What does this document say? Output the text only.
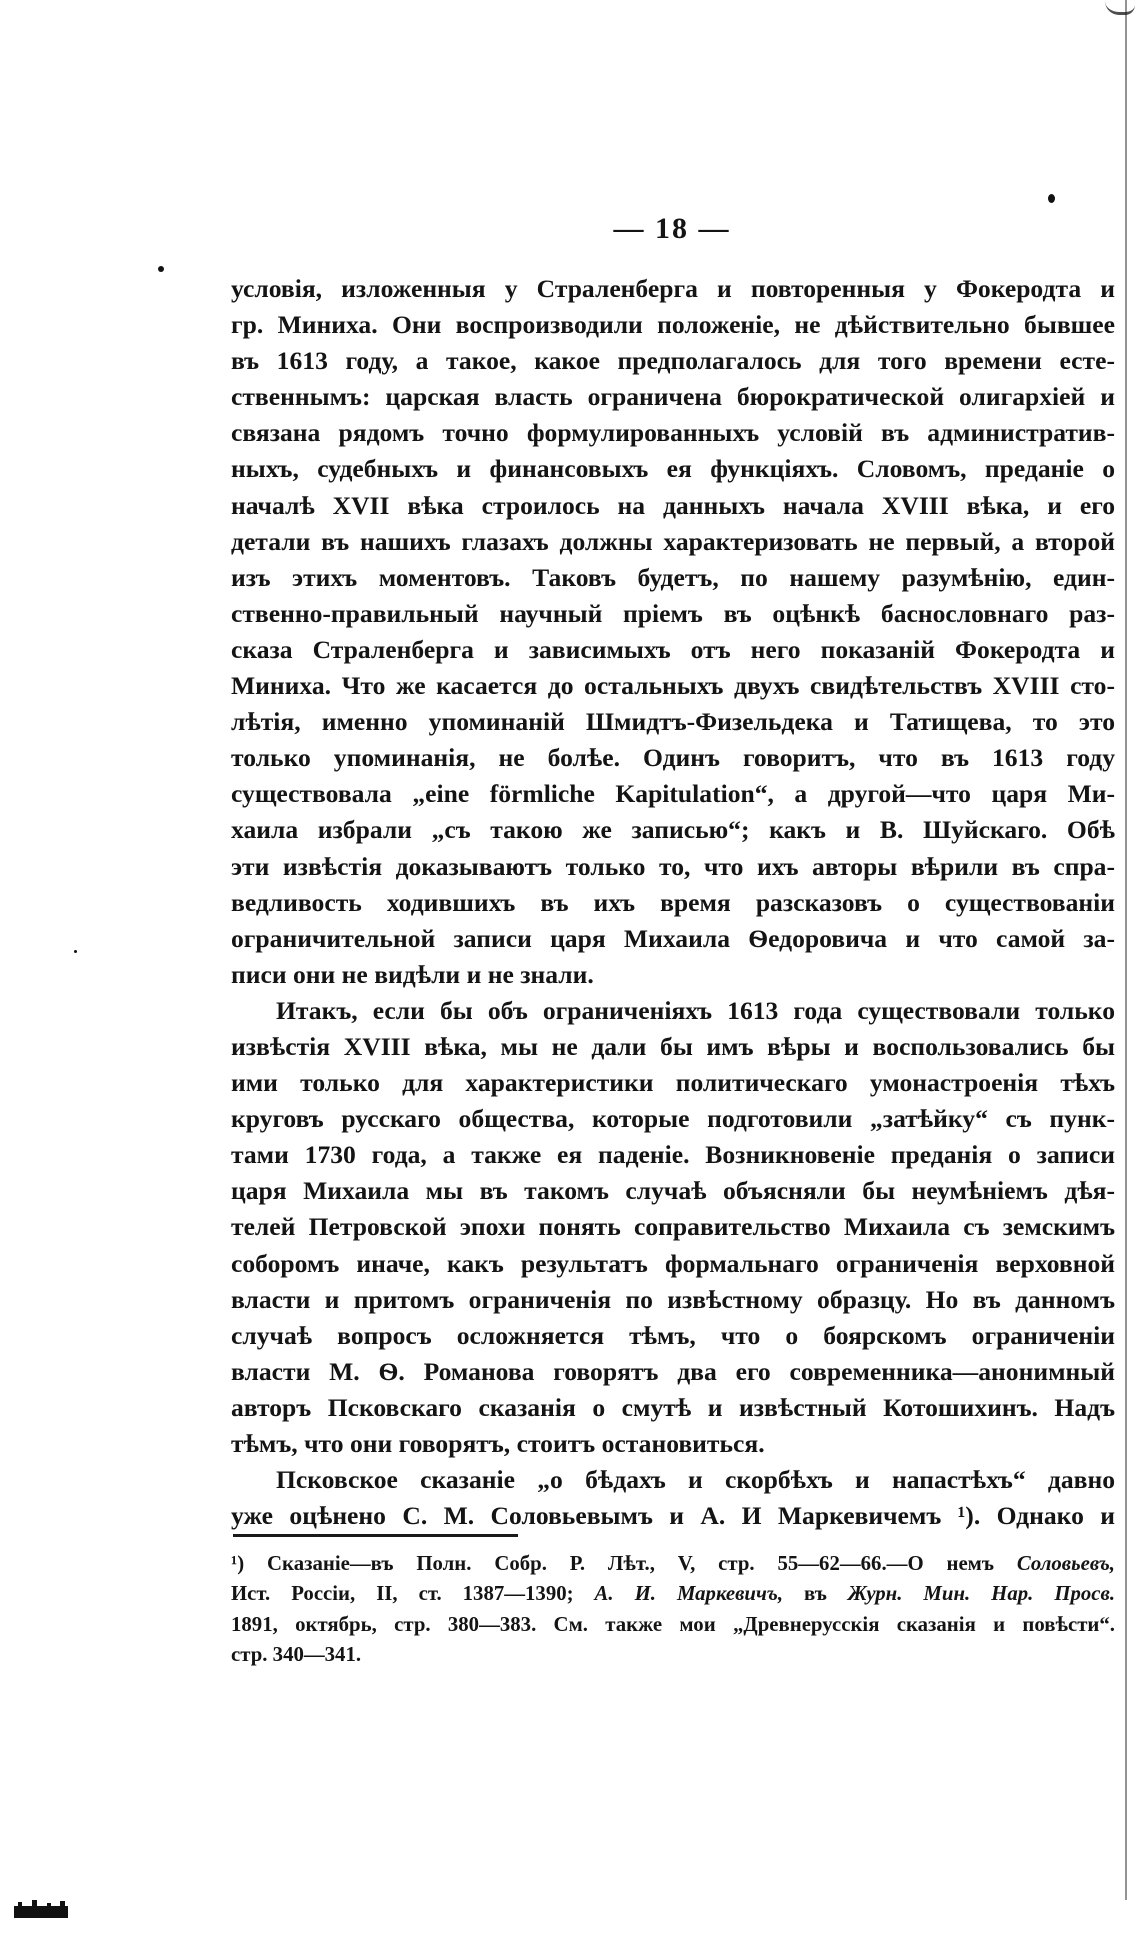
— 18 —
условія, изложенныя у Страленберга и повторенныя у Фокеродта и
гр. Миниха. Они воспроизводили положеніе, не дѣйствительно бывшее
въ 1613 году, а такое, какое предполагалось для того времени есте-
ственнымъ: царская власть ограничена бюрократической олигархіей и
связана рядомъ точно формулированныхъ условій въ административ-
ныхъ, судебныхъ и финансовыхъ ея функціяхъ. Словомъ, преданіе о
началѣ XVII вѣка строилось на данныхъ начала XVIII вѣка, и его
детали въ нашихъ глазахъ должны характеризовать не первый, а второй
изъ этихъ моментовъ. Таковъ будетъ, по нашему разумѣнію, един-
ственно-правильный научный пріемъ въ оцѣнкѣ баснословнаго раз-
сказа Страленберга и зависимыхъ отъ него показаній Фокеродта и
Миниха. Что же касается до остальныхъ двухъ свидѣтельствъ XVIII сто-
лѣтія, именно упоминаній Шмидтъ-Физельдека и Татищева, то это
только упоминанія, не болѣе. Одинъ говоритъ, что въ 1613 году
существовала „eine förmliche Kapitulation“, а другой—что царя Ми-
хаила избрали „съ такою же записью“; какъ и В. Шуйскаго. Обѣ
эти извѣстія доказываютъ только то, что ихъ авторы вѣрили въ спра-
ведливость ходившихъ въ ихъ время разсказовъ о существованіи
ограничительной записи царя Михаила Ѳедоровича и что самой за-
писи они не видѣли и не знали.
Итакъ, если бы объ ограниченіяхъ 1613 года существовали только
извѣстія XVIII вѣка, мы не дали бы имъ вѣры и воспользовались бы
ими только для характеристики политическаго умонастроенія тѣхъ
круговъ русскаго общества, которые подготовили „затѣйку“ съ пунк-
тами 1730 года, а также ея паденіе. Возникновеніе преданія о записи
царя Михаила мы въ такомъ случаѣ объясняли бы неумѣніемъ дѣя-
телей Петровской эпохи понять соправительство Михаила съ земскимъ
соборомъ иначе, какъ результатъ формальнаго ограниченія верховной
власти и притомъ ограниченія по извѣстному образцу. Но въ данномъ
случаѣ вопросъ осложняется тѣмъ, что о боярскомъ ограниченіи
власти М. Ѳ. Романова говорятъ два его современника—анонимный
авторъ Псковскаго сказанія о смутѣ и извѣстный Котошихинъ. Надъ
тѣмъ, что они говорятъ, стоитъ остановиться.
Псковское сказаніе „о бѣдахъ и скорбѣхъ и напастѣхъ“ давно
уже оцѣнено С. М. Соловьевымъ и А. И Маркевичемъ ¹). Однако и
¹) Сказаніе—въ Полн. Собр. Р. Лѣт., V, стр. 55—62—66.—О немъ Соловьевъ,
Ист. Россіи, II, ст. 1387—1390; А. И. Маркевичъ, въ Журн. Мин. Нар. Просв.
1891, октябрь, стр. 380—383. См. также мои „Древнерусскія сказанія и повѣсти“.
стр. 340—341.
